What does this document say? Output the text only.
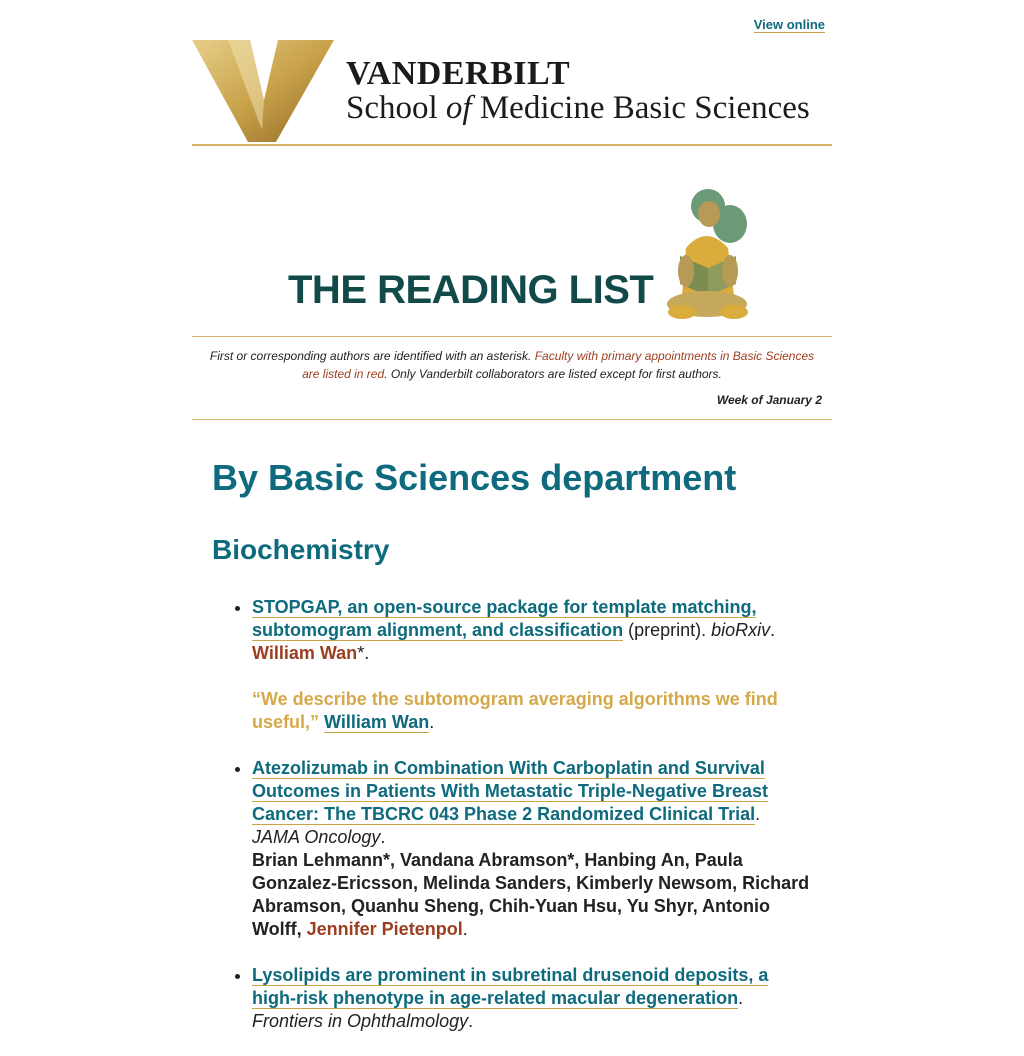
View online
VANDERBILT
School of Medicine Basic Sciences
THE READING LIST
First or corresponding authors are identified with an asterisk. Faculty with primary appointments in Basic Sciences are listed in red. Only Vanderbilt collaborators are listed except for first authors.
Week of January 2
By Basic Sciences department
Biochemistry
• STOPGAP, an open-source package for template matching, subtomogram alignment, and classification (preprint). bioRxiv.
William Wan*.
“We describe the subtomogram averaging algorithms we find useful,” William Wan.
• Atezolizumab in Combination With Carboplatin and Survival Outcomes in Patients With Metastatic Triple-Negative Breast Cancer: The TBCRC 043 Phase 2 Randomized Clinical Trial.
JAMA Oncology.
Brian Lehmann*, Vandana Abramson*, Hanbing An, Paula Gonzalez-Ericsson, Melinda Sanders, Kimberly Newsom, Richard Abramson, Quanhu Sheng, Chih-Yuan Hsu, Yu Shyr, Antonio Wolff, Jennifer Pietenpol.
• Lysolipids are prominent in subretinal drusenoid deposits, a high-risk phenotype in age-related macular degeneration.
Frontiers in Ophthalmology.
